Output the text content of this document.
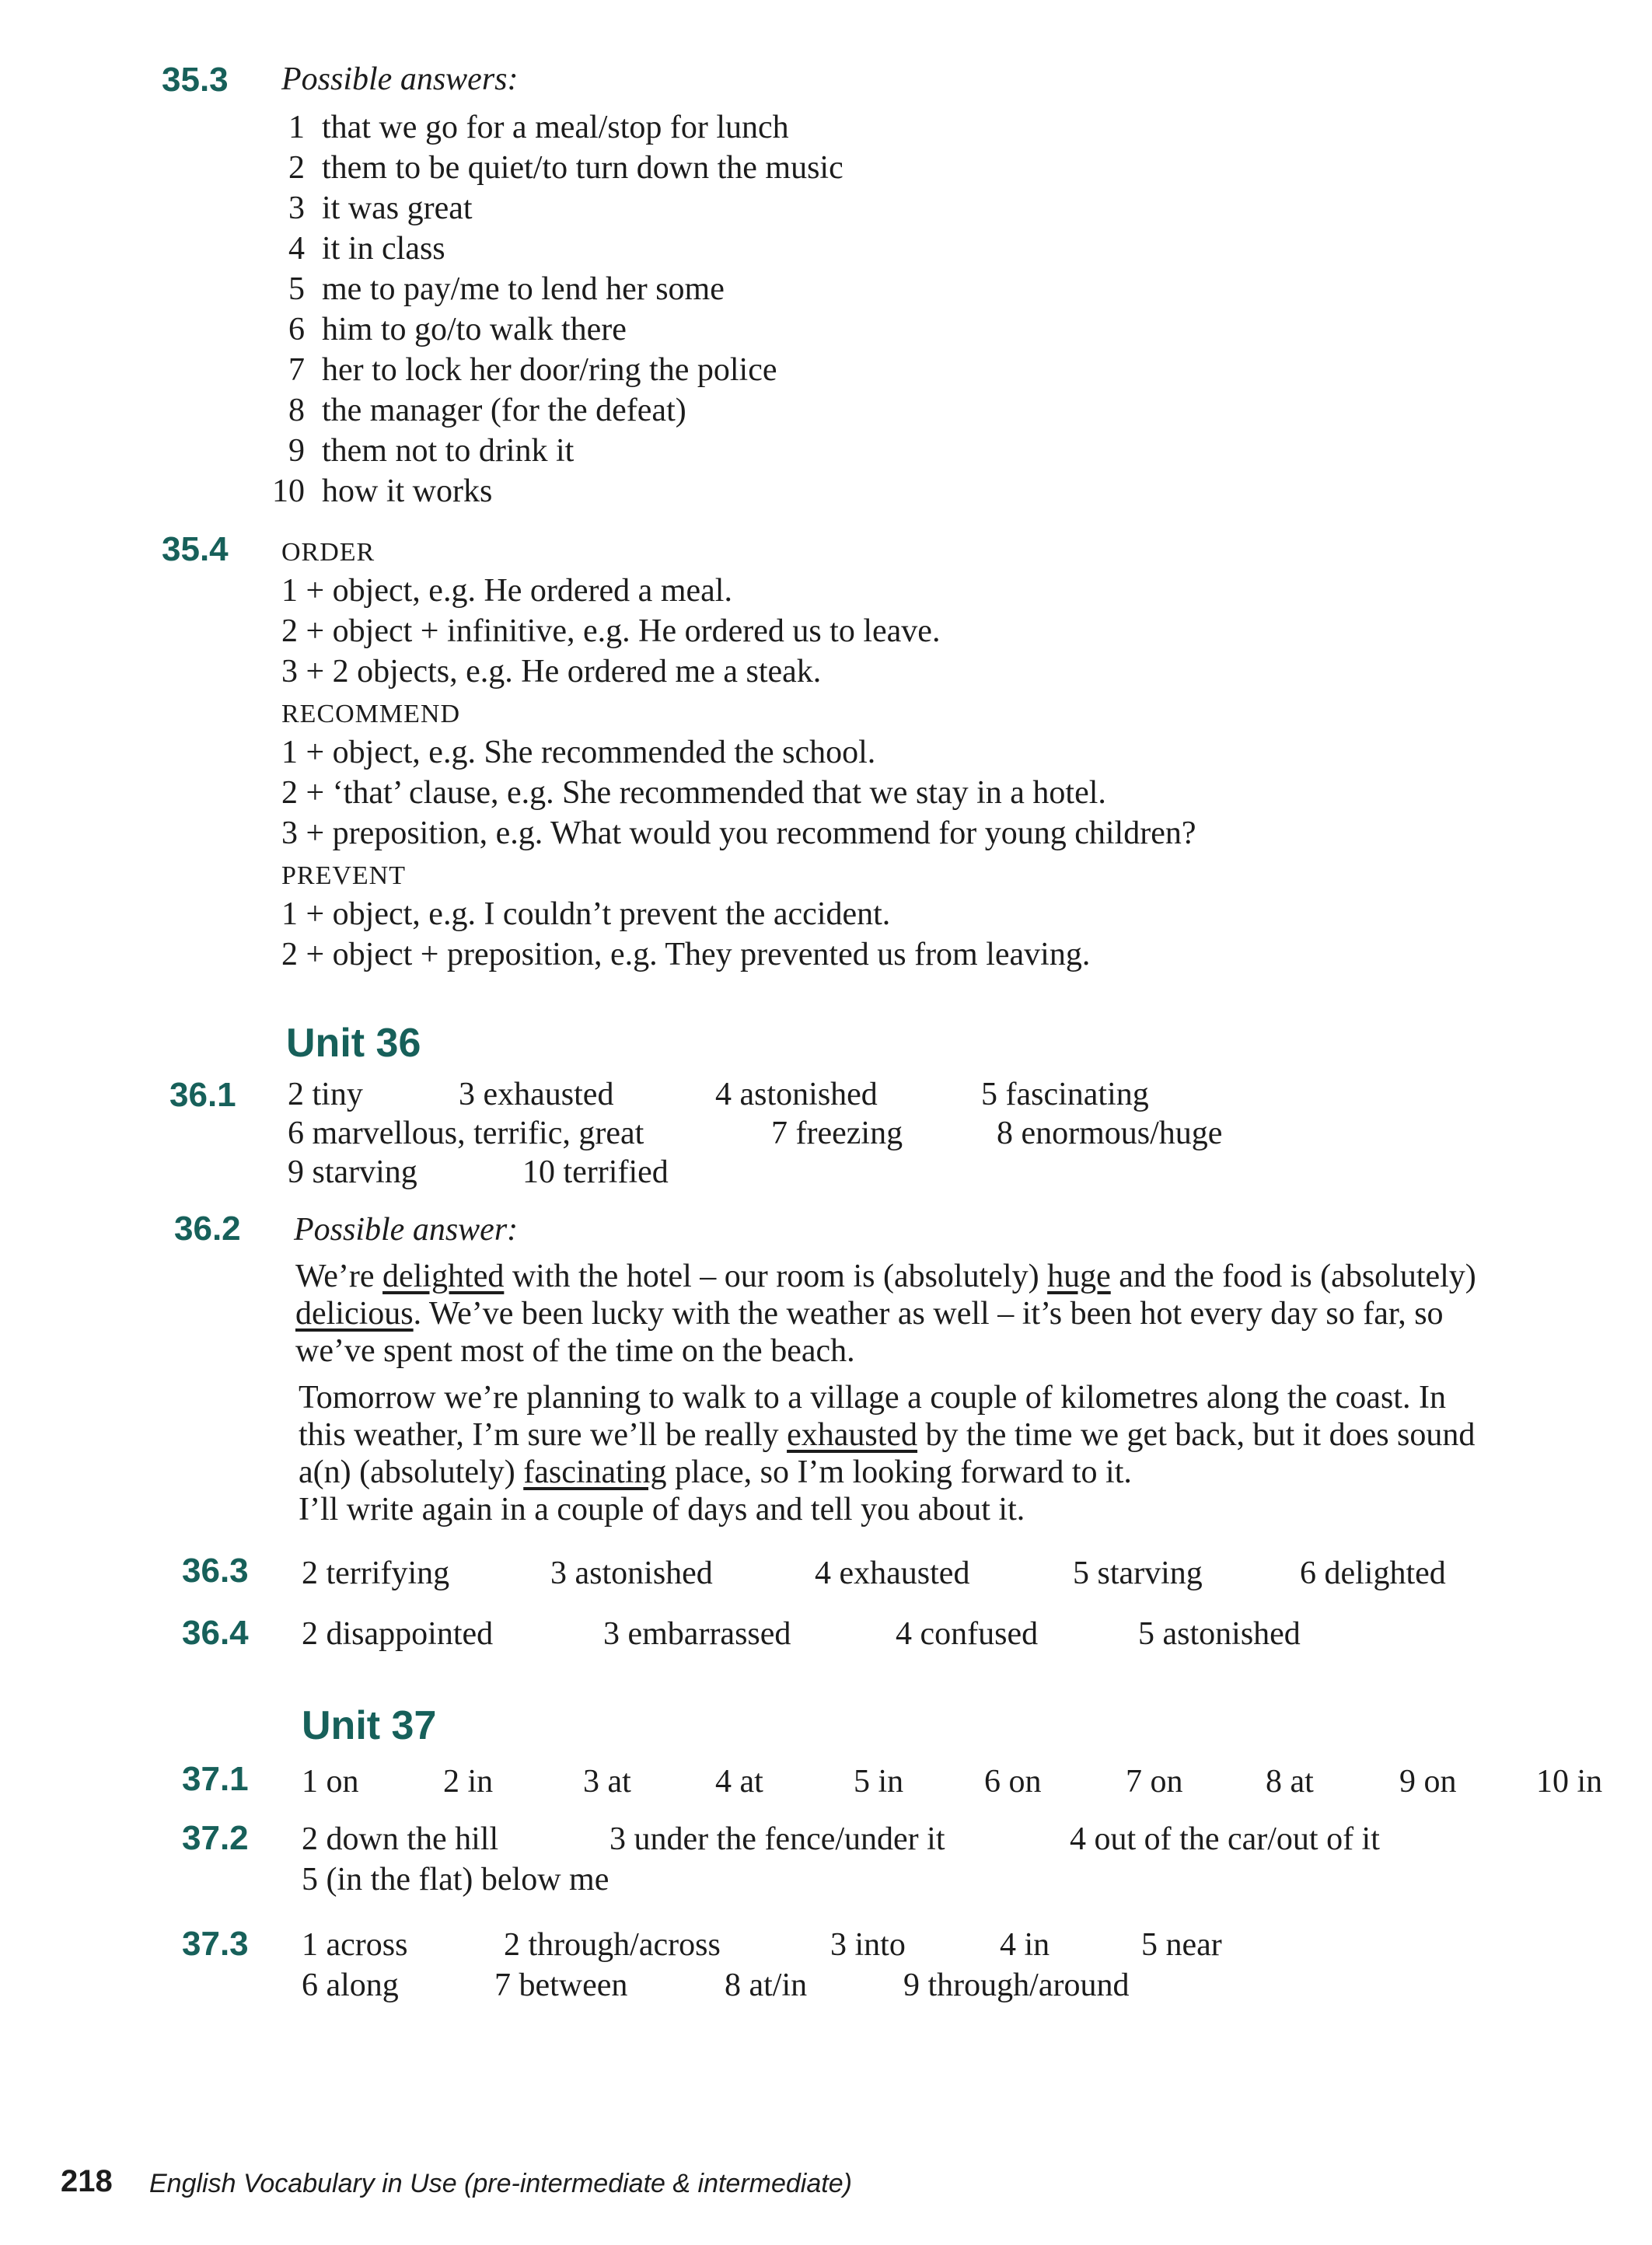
35.3 Possible answers:
1 that we go for a meal/stop for lunch
2 them to be quiet/to turn down the music
3 it was great
4 it in class
5 me to pay/me to lend her some
6 him to go/to walk there
7 her to lock her door/ring the police
8 the manager (for the defeat)
9 them not to drink it
10 how it works
35.4 ORDER
1 + object, e.g. He ordered a meal.
2 + object + infinitive, e.g. He ordered us to leave.
3 + 2 objects, e.g. He ordered me a steak.
RECOMMEND
1 + object, e.g. She recommended the school.
2 + ‘that’ clause, e.g. She recommended that we stay in a hotel.
3 + preposition, e.g. What would you recommend for young children?
PREVENT
1 + object, e.g. I couldn’t prevent the accident.
2 + object + preposition, e.g. They prevented us from leaving.
Unit 36
36.1 2 tiny	3 exhausted	4 astonished	5 fascinating
6 marvellous, terrific, great	7 freezing	8 enormous/huge
9 starving	10 terrified
36.2 Possible answer:
We’re delighted with the hotel – our room is (absolutely) huge and the food is (absolutely)
delicious. We’ve been lucky with the weather as well – it’s been hot every day so far, so
we’ve spent most of the time on the beach.
Tomorrow we’re planning to walk to a village a couple of kilometres along the coast. In
this weather, I’m sure we’ll be really exhausted by the time we get back, but it does sound
a(n) (absolutely) fascinating place, so I’m looking forward to it.
I’ll write again in a couple of days and tell you about it.
36.3 2 terrifying	3 astonished	4 exhausted	5 starving	6 delighted
36.4 2 disappointed	3 embarrassed	4 confused	5 astonished
Unit 37
37.1 1 on	2 in	3 at	4 at	5 in 6 on	7 on	8 at	9 on 10 in
37.2 2 down the hill	3 under the fence/under it	4 out of the car/out of it
5 (in the flat) below me
37.3 1 across	2 through/across	3 into	4 in	5 near
6 along	7 between	8 at/in	9 through/around
218 English Vocabulary in Use (pre-intermediate & intermediate)
